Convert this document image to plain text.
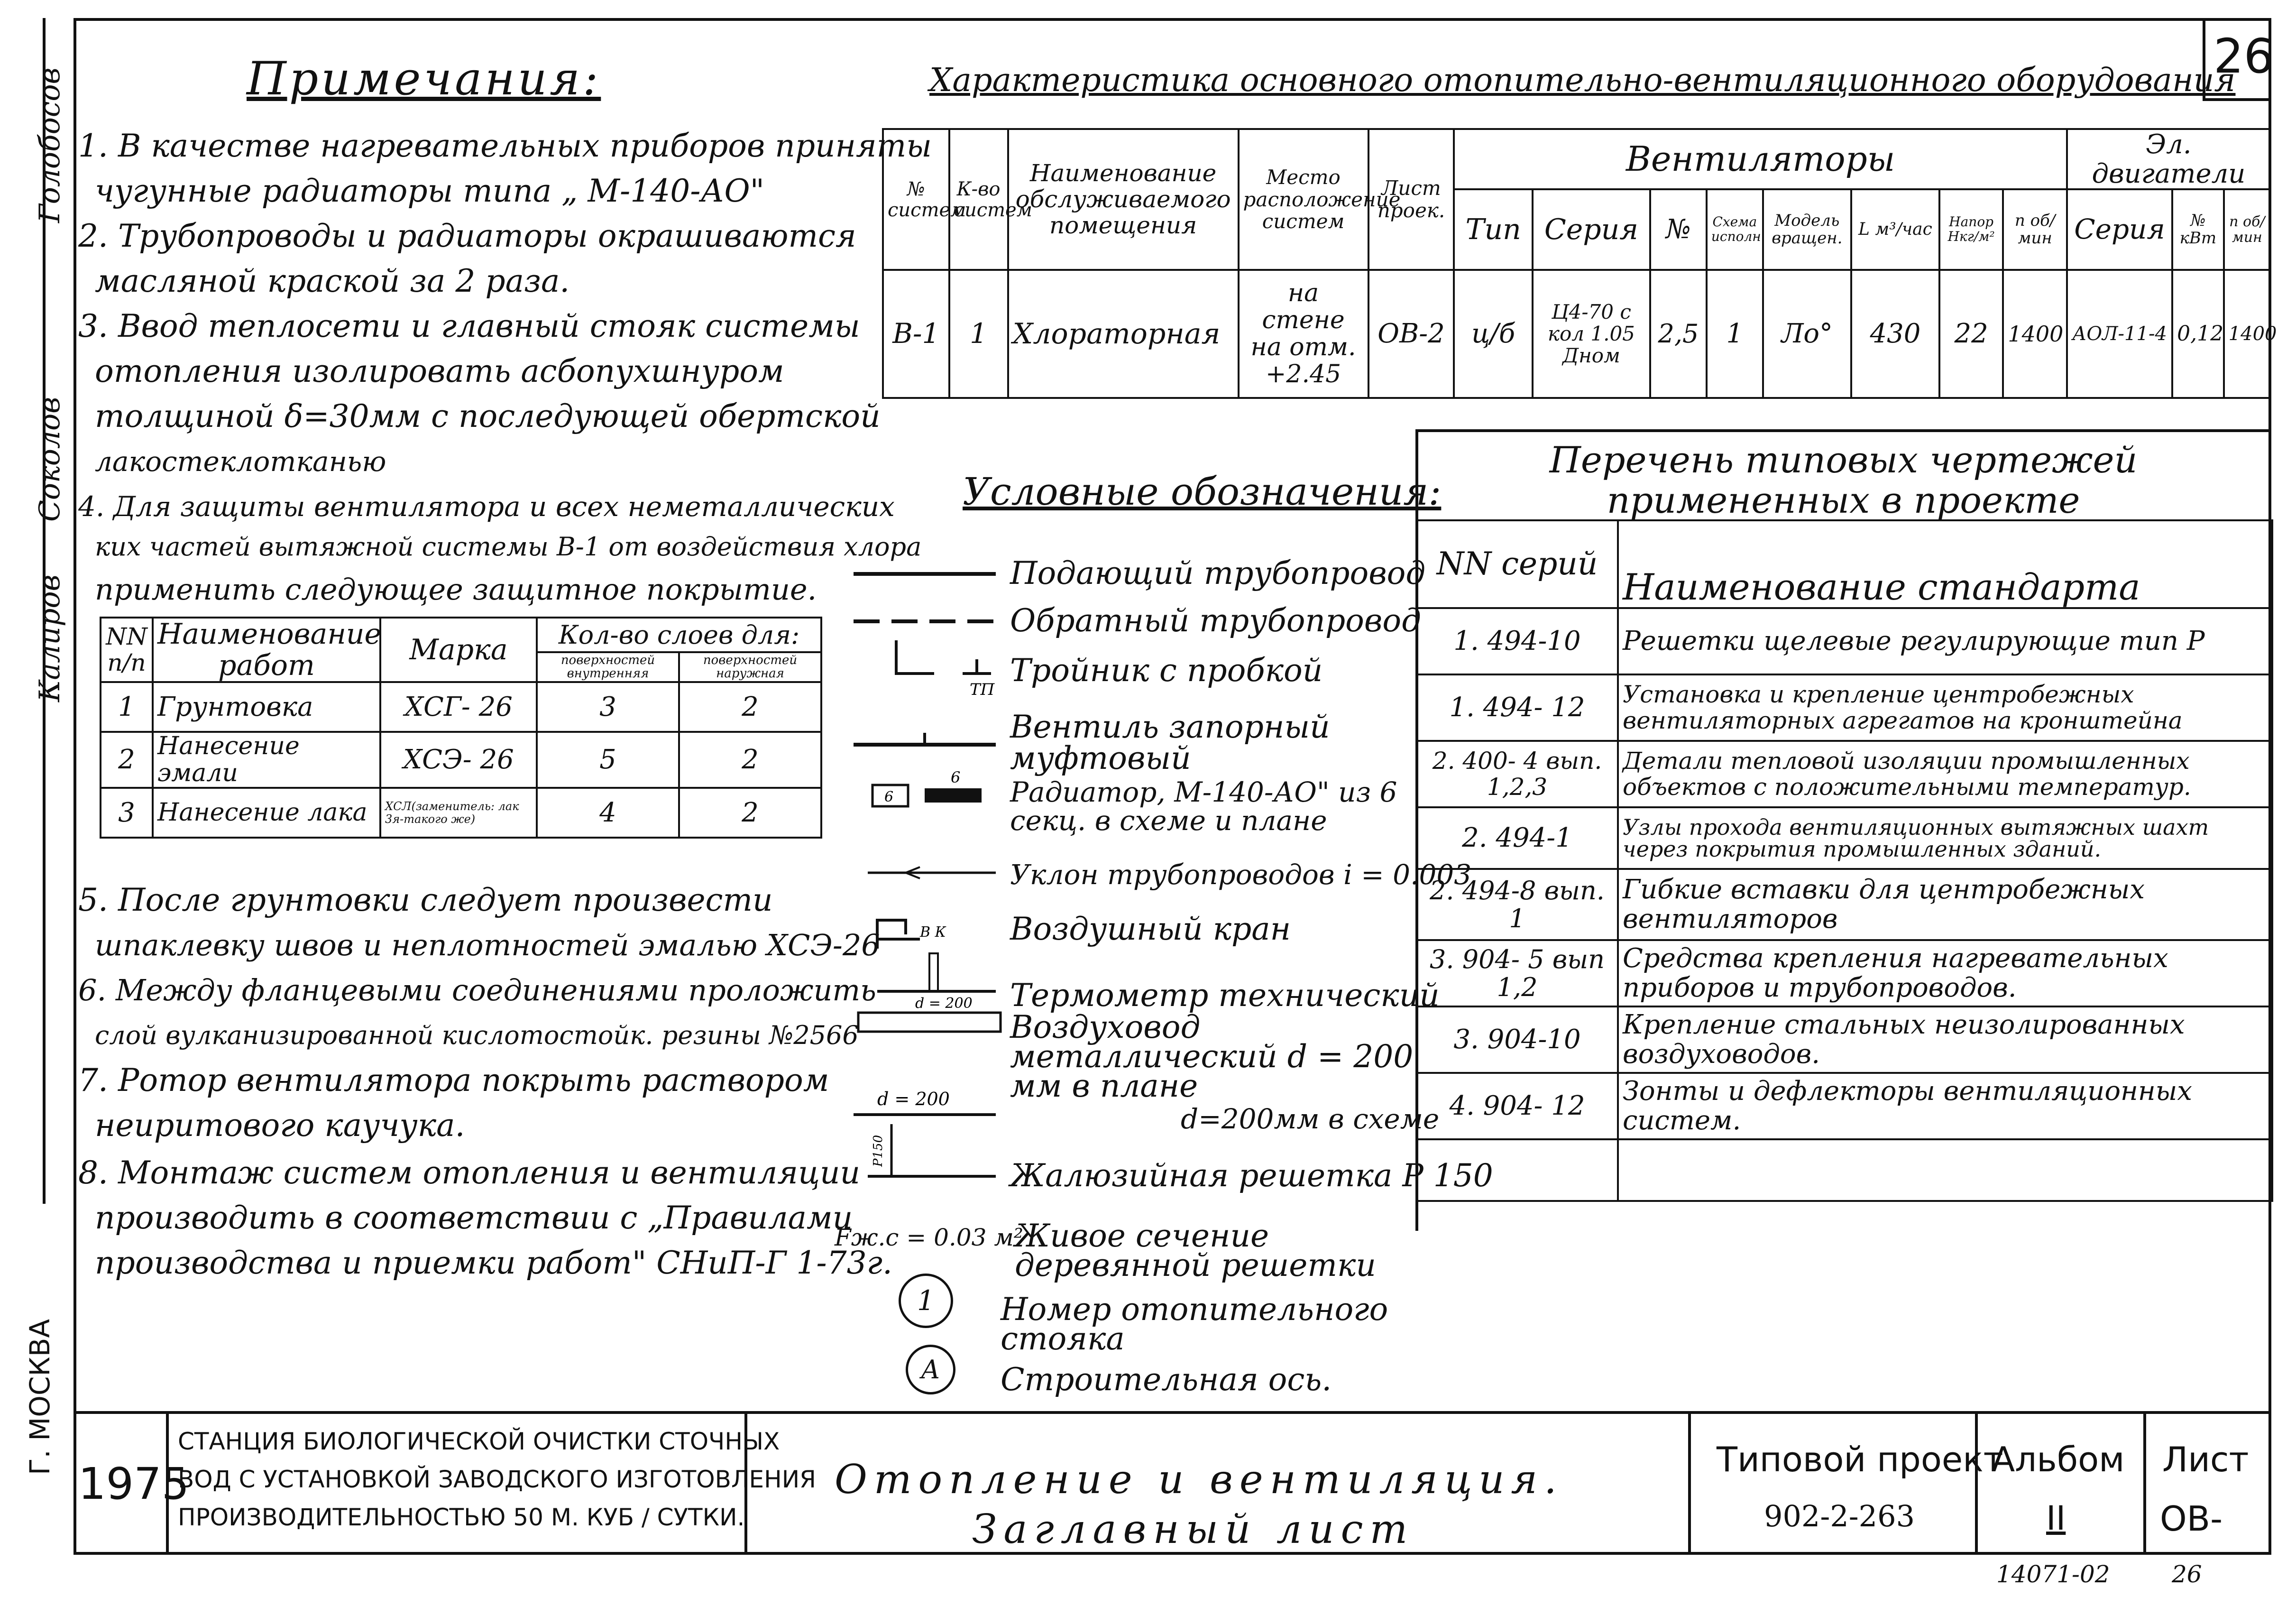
Голобосов
Соколов
Калиров
Г. МОСКВА
26
Примечания:
1. В качестве нагревательных приборов приняты
чугунные радиаторы типа „ М-140-АО"
2. Трубопроводы и радиаторы окрашиваются
масляной краской за 2 раза.
3. Ввод теплосети и главный стояк системы
отопления изолировать асбопухшнуром
толщиной δ=30мм с последующей обертской
лакостеклотканью
4. Для защиты вентилятора и всех неметаллических
ких частей вытяжной системы В-1 от воздействия хлора
применить следующее защитное покрытие.
NN п/п	Наименование работ	Марка	Кол-во слоев для:	
			поверхностей внутренняя	поверхностей наружная
1	Грунтовка	ХСГ- 26	3	2
2	Нанесение эмали	ХСЭ- 26	5	2
3	Нанесение лака	ХСЛ(заменитель: лак 3я-такого же)	4	2
5. После грунтовки следует произвести
шпаклевку швов и неплотностей эмалью ХСЭ-26
6. Между фланцевыми соединениями проложить
слой вулканизированной кислотостойк. резины №2566
7. Ротор вентилятора покрыть раствором
неиритового каучука.
8. Монтаж систем отопления и вентиляции
производить в соответствии с „Правилами
производства и приемки работ" СНиП-Г 1-73г.
Характеристика основного отопительно-вентиляционного оборудования
№ систем	К-во систем	Наименование обслуживаемого помещения	Место расположение систем	Лист проек.	Вентиляторы								Эл. двигатели		
					Тип	Серия	№	Схема исполн.	Модель вращен.	L м³/час	Напор Нкг/м²	n об/мин	Серия	№ кВт	n об/мин
В-1	1	Хлораторная	на стене на отм. +2.45	ОВ-2	ц/б	Ц4-70 с кол 1.05 Дном	2,5	1	Ло°	430	22	1400	АОЛ-11-4	0,12	1400
Условные обозначения:
ТП
6
6
В К
d = 200
d = 200
Р150
Подающий трубопровод
Обратный трубопровод
Тройник с пробкой
Вентиль запорный муфтовый
Радиатор, М-140-АО" из 6 секц. в схеме и плане
Уклон трубопроводов i = 0.003
Воздушный кран
Термометр технический
Воздуховод металлический d = 200 мм в плане
d=200мм в схеме
Жалюзийная решетка Р 150
Fж.с = 0.03 м²
Живое сечение деревянной решетки
1	Номер отопительного стояка
А	Строительная ось.
Перечень типовых чертежей
примененных в проекте
NN серий	Наименование стандарта
1. 494-10	Решетки щелевые регулирующие тип Р
1. 494- 12	Установка и крепление центробежных вентиляторных агрегатов на кронштейна
2. 400- 4 вып. 1,2,3	Детали тепловой изоляции промышленных объектов с положительными температур.
2. 494-1	Узлы прохода вентиляционных вытяжных шахт через покрытия промышленных зданий.
2. 494-8 вып. 1	Гибкие вставки для центробежных вентиляторов
3. 904- 5 вып 1,2	Средства крепления нагревательных приборов и трубопроводов.
3. 904-10	Крепление стальных неизолированных воздуховодов.
4. 904- 12	Зонты и дефлекторы вентиляционных систем.

1975
СТАНЦИЯ БИОЛОГИЧЕСКОЙ ОЧИСТКИ СТОЧНЫХ
ВОД С УСТАНОВКОЙ ЗАВОДСКОГО ИЗГОТОВЛЕНИЯ
ПРОИЗВОДИТЕЛЬНОСТЬЮ 50 М. КУБ / СУТКИ.
Отопление и вентиляция.
Заглавный лист
Типовой проект
902-2-263
Альбом
II
Лист
ОВ-
14071-02	26
